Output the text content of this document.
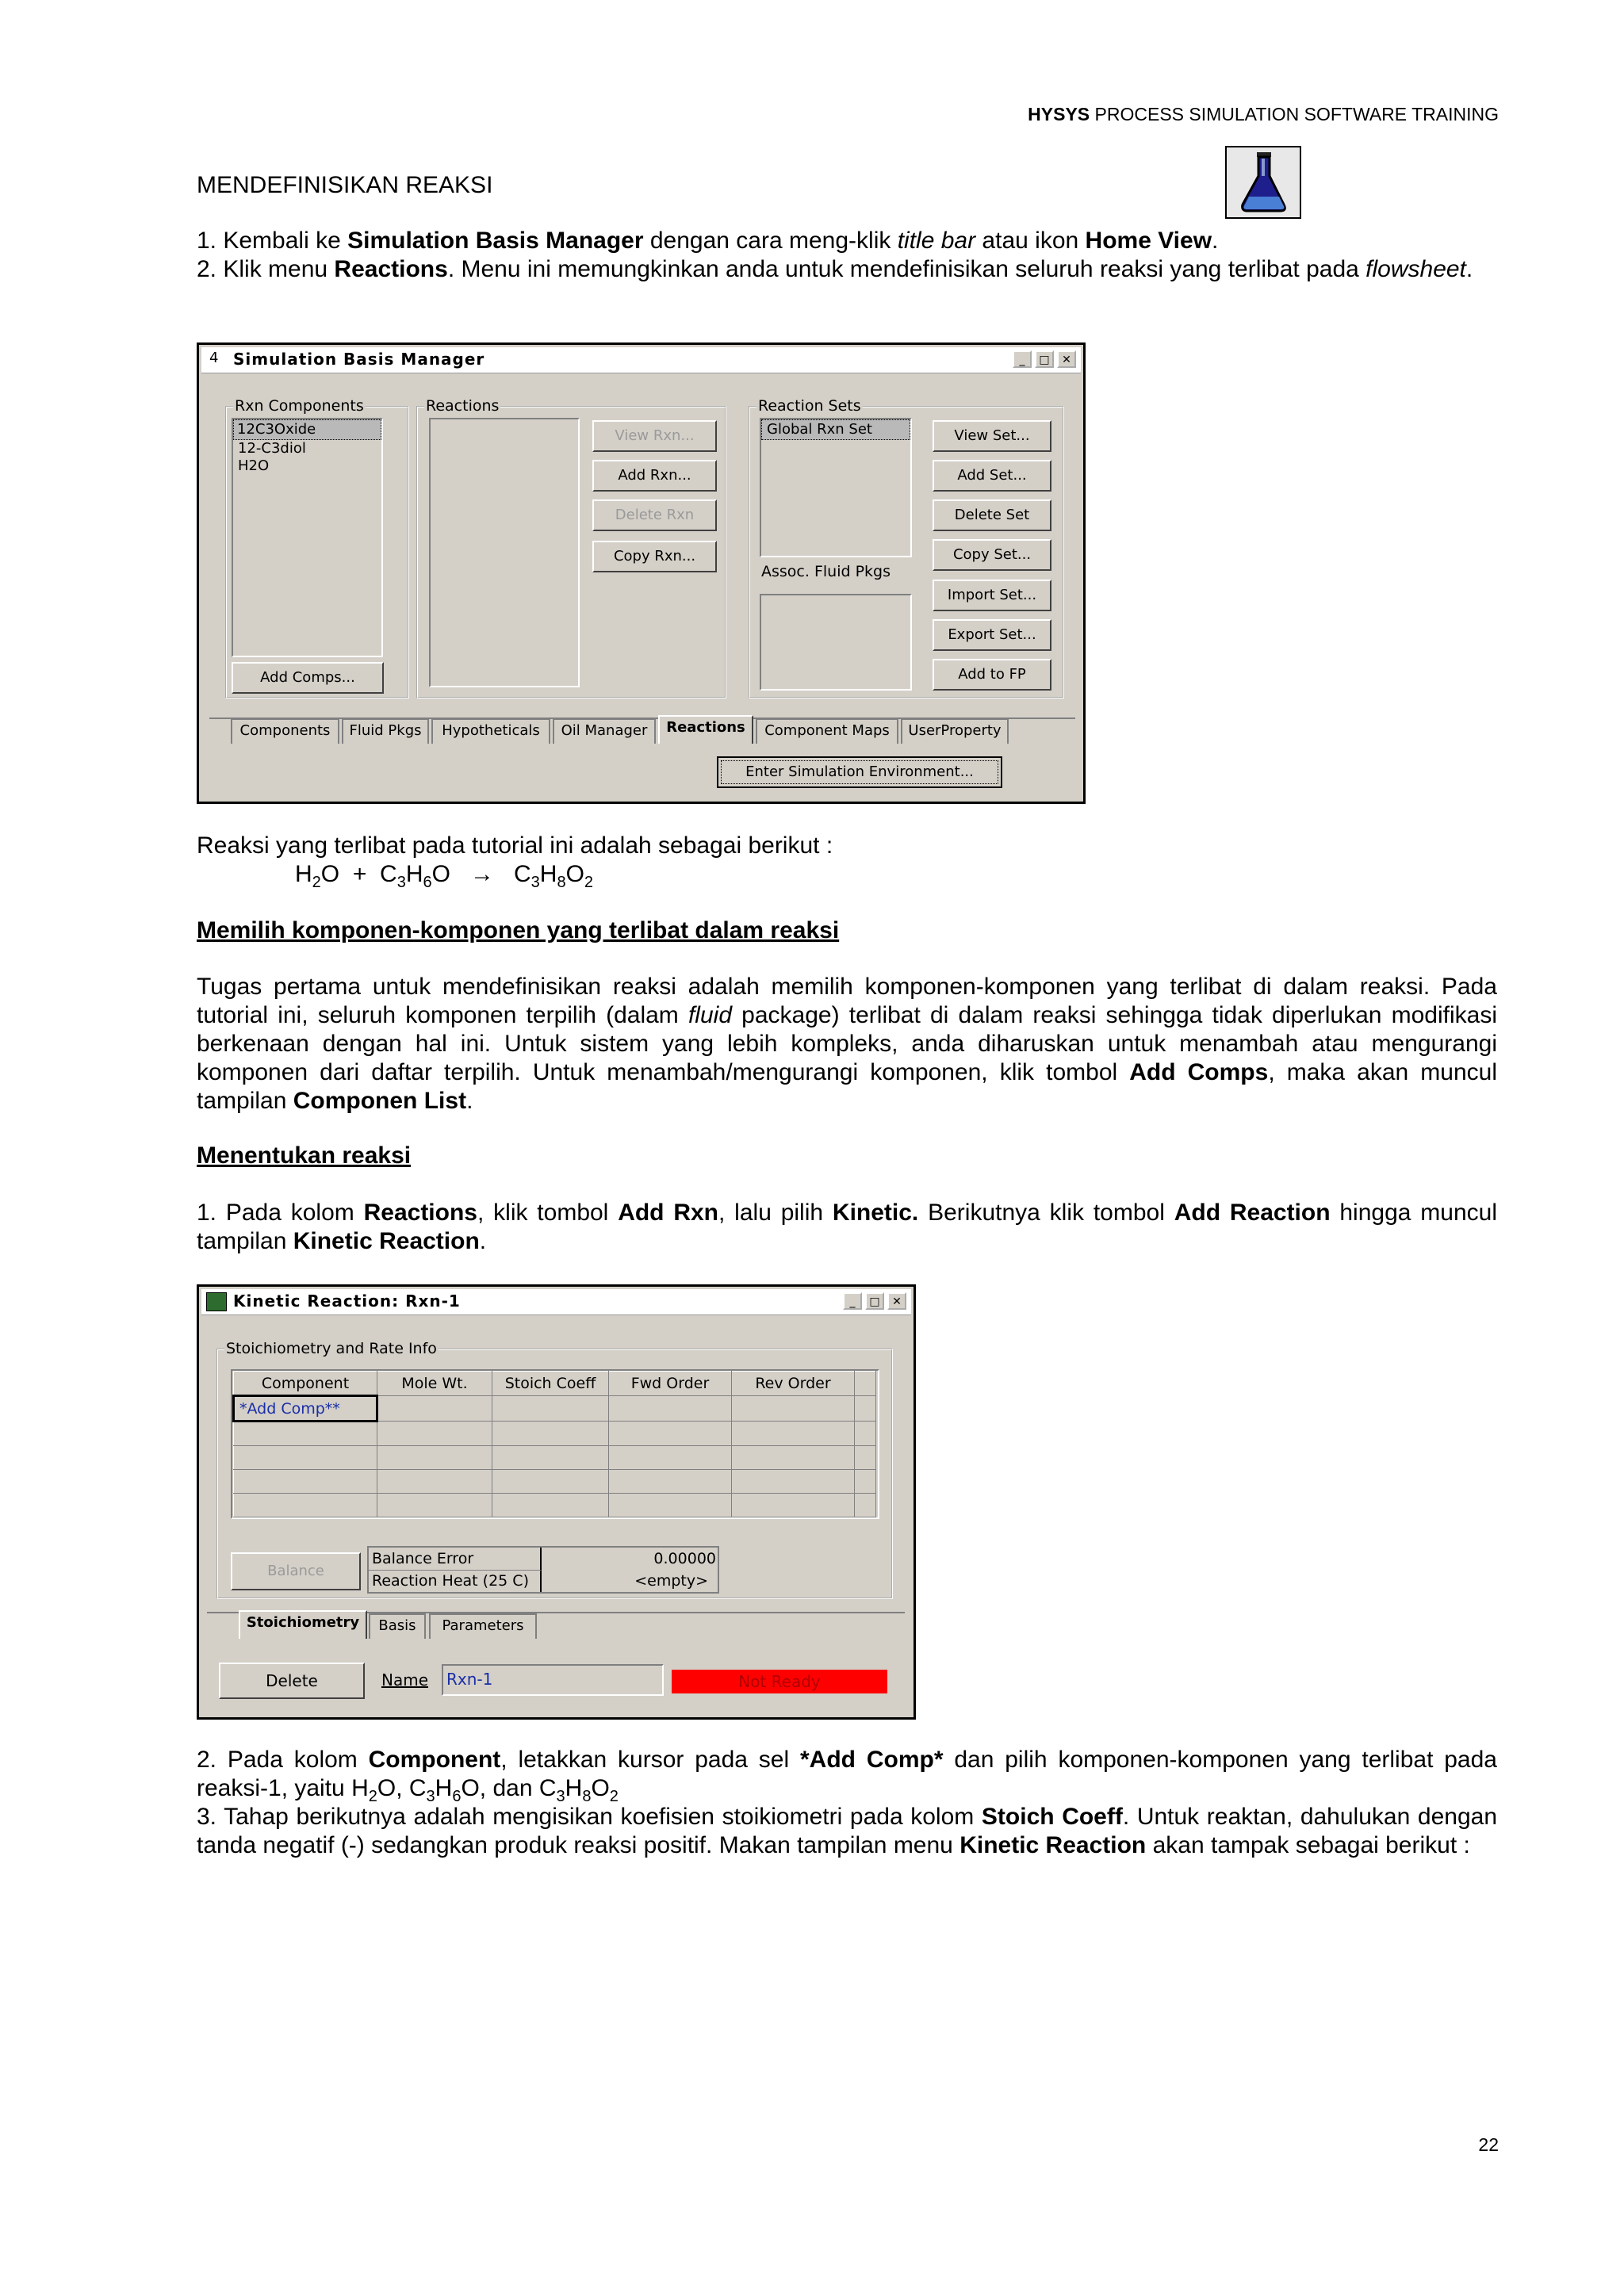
HYSYS PROCESS SIMULATION SOFTWARE TRAINING
MENDEFINISIKAN REAKSI
1. Kembali ke Simulation Basis Manager dengan cara meng-klik title bar atau ikon Home View.
2. Klik menu Reactions. Menu ini memungkinkan anda untuk mendefinisikan seluruh reaksi yang terlibat pada flowsheet.
4 Simulation Basis Manager	_	□	✕
Rxn Components
12C3Oxide
12-C3diol
H2O
Add Comps...
Reactions
View Rxn...
Add Rxn...
Delete Rxn
Copy Rxn...
Reaction Sets
Global Rxn Set
Assoc. Fluid Pkgs
View Set...
Add Set...
Delete Set
Copy Set...
Import Set...
Export Set...
Add to FP
Components	Fluid Pkgs	Hypotheticals	Oil Manager	Reactions	Component Maps	UserProperty
Enter Simulation Environment...
Reaksi yang terlibat pada tutorial ini adalah sebagai berikut :
$H_2O + C_3H_6O \to C_3H_8O_2$
Memilih komponen-komponen yang terlibat dalam reaksi
Tugas pertama untuk mendefinisikan reaksi adalah memilih komponen-komponen yang terlibat di dalam reaksi. Pada tutorial ini, seluruh komponen terpilih (dalam fluid package) terlibat di dalam reaksi sehingga tidak diperlukan modifikasi berkenaan dengan hal ini. Untuk sistem yang lebih kompleks, anda diharuskan untuk menambah atau mengurangi komponen dari daftar terpilih. Untuk menambah/mengurangi komponen, klik tombol Add Comps, maka akan muncul tampilan Componen List.
Menentukan reaksi
1. Pada kolom Reactions, klik tombol Add Rxn, lalu pilih Kinetic. Berikutnya klik tombol Add Reaction hingga muncul tampilan Kinetic Reaction.
Kinetic Reaction: Rxn-1	_	□	✕
Stoichiometry and Rate Info
Component	Mole Wt.	Stoich Coeff	Fwd Order	Rev Order	
*Add Comp**					

Balance
Balance Error	0.00000
Reaction Heat (25 C)	<empty>
Stoichiometry	Basis	Parameters
Delete	Name	Rxn-1	Not Ready
2. Pada kolom Component, letakkan kursor pada sel *Add Comp* dan pilih komponen-komponen yang terlibat pada reaksi-1, yaitu $H_2O$, $C_3H_6O$, dan $C_3H_8O_2$
3. Tahap berikutnya adalah mengisikan koefisien stoikiometri pada kolom Stoich Coeff. Untuk reaktan, dahulukan dengan tanda negatif (-) sedangkan produk reaksi positif. Makan tampilan menu Kinetic Reaction akan tampak sebagai berikut :
22
